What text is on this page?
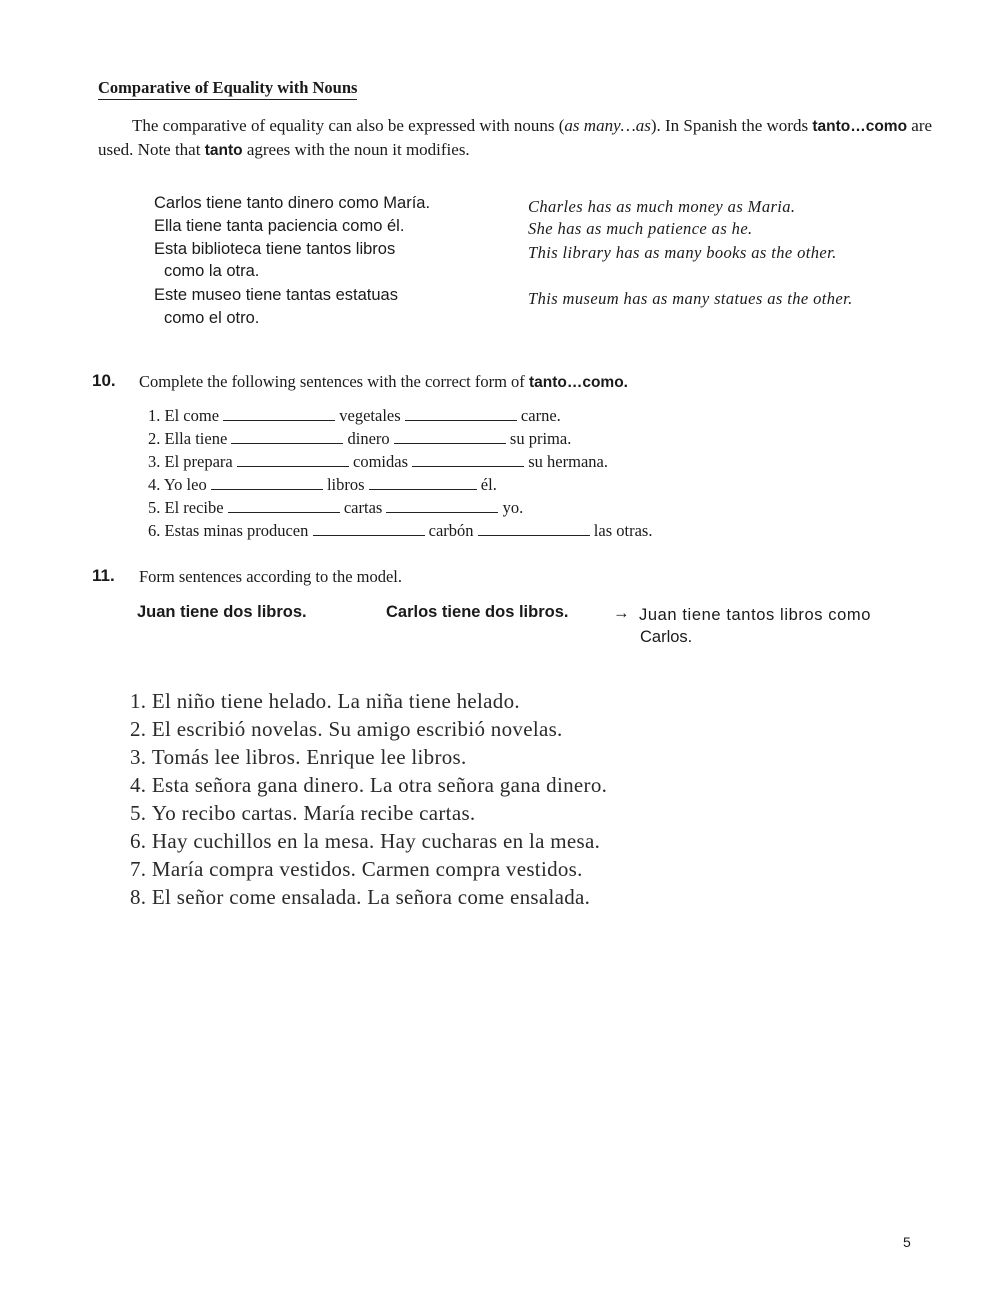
Comparative of Equality with Nouns
The comparative of equality can also be expressed with nouns (as many…as). In Spanish the words tanto…como are used. Note that tanto agrees with the noun it modifies.
Carlos tiene tanto dinero como María.	Charles has as much money as Maria.
Ella tiene tanta paciencia como él.	She has as much patience as he.
Esta biblioteca tiene tantos libros
como la otra.
This library has as many books as the other.
Este museo tiene tantas estatuas
como el otro.
This museum has as many statues as the other.
10. Complete the following sentences with the correct form of tanto…como.
1. El come	vegetales	carne.
2. Ella tiene	dinero	su prima.
3. El prepara	comidas	su hermana.
4. Yo leo	libros	él.
5. El recibe	cartas	yo.
6. Estas minas producen	carbón	las otras.
11. Form sentences according to the model.
Juan tiene dos libros.	Carlos tiene dos libros.	→ Juan tiene tantos libros como
Carlos.
1. El niño tiene helado. La niña tiene helado.
2. El escribió novelas. Su amigo escribió novelas.
3. Tomás lee libros. Enrique lee libros.
4. Esta señora gana dinero. La otra señora gana dinero.
5. Yo recibo cartas. María recibe cartas.
6. Hay cuchillos en la mesa. Hay cucharas en la mesa.
7. María compra vestidos. Carmen compra vestidos.
8. El señor come ensalada. La señora come ensalada.
5
